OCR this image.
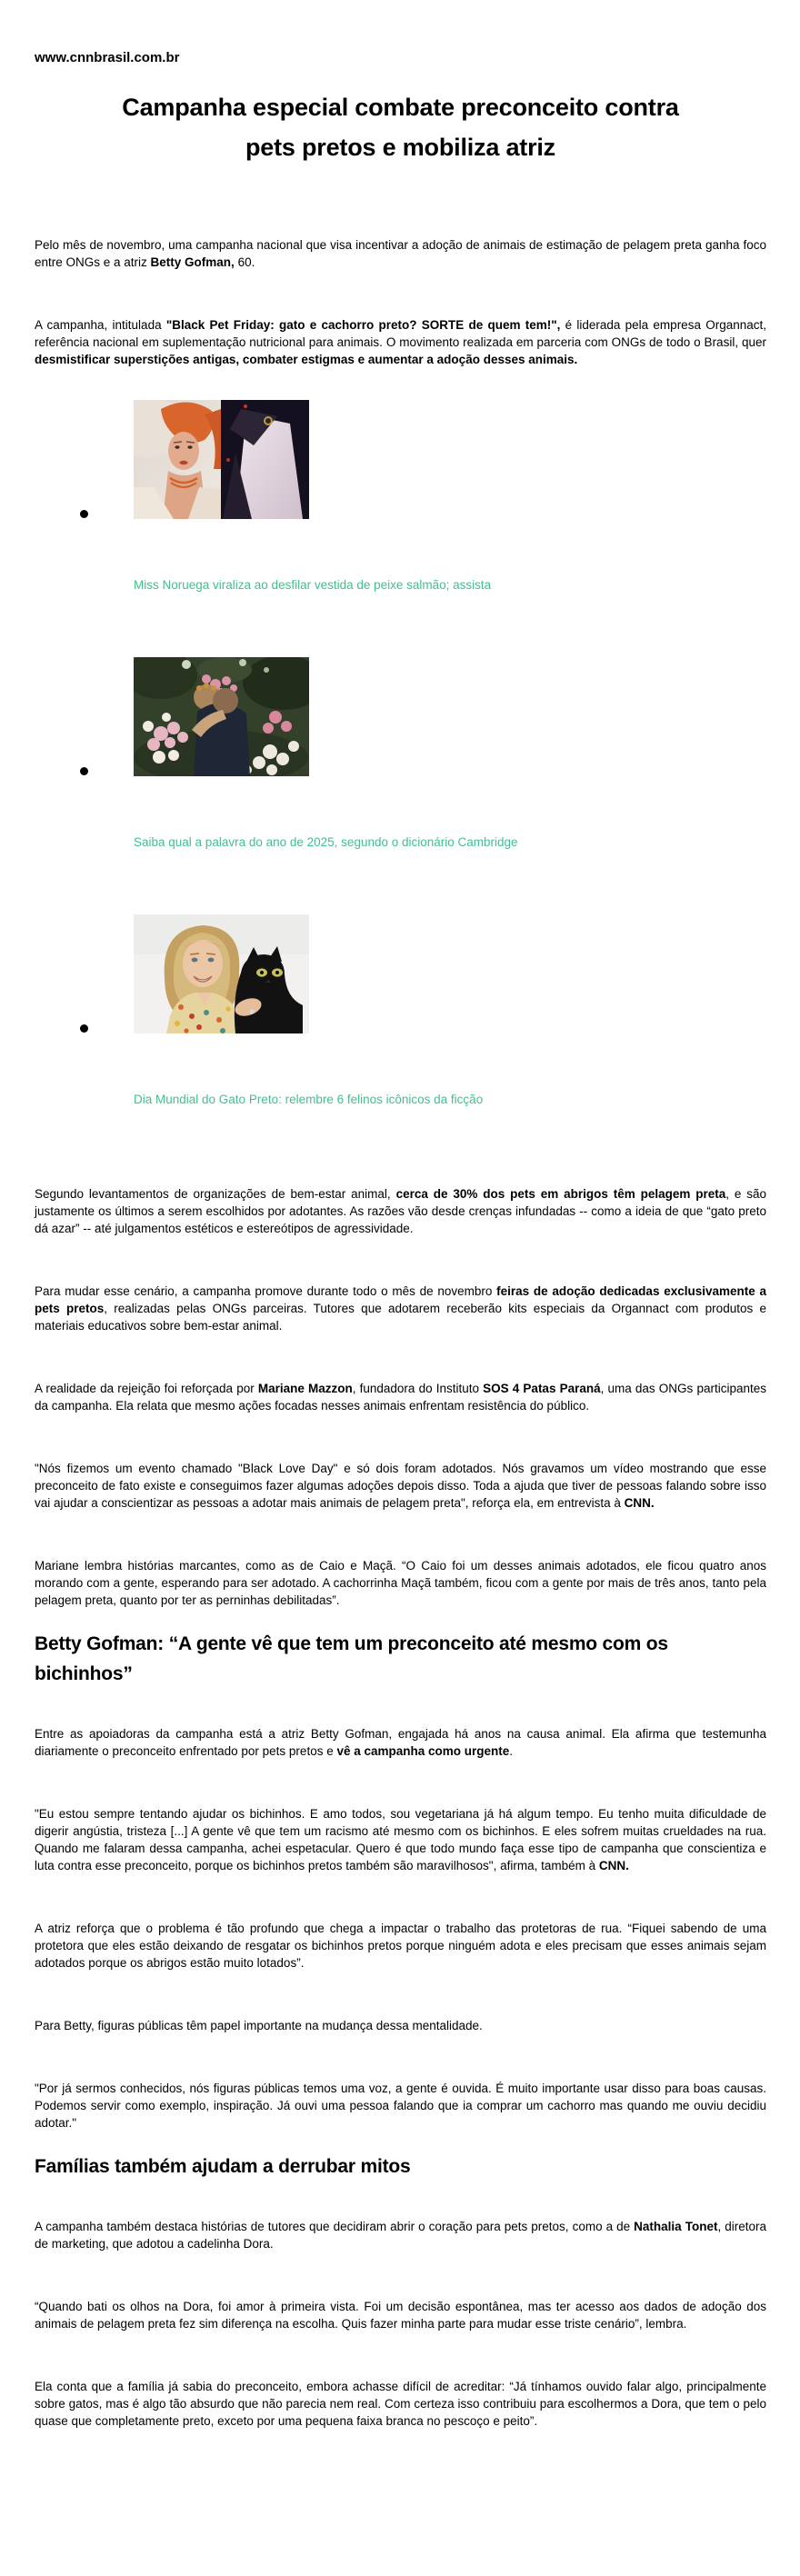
www.cnnbrasil.com.br
Campanha especial combate preconceito contra
pets pretos e mobiliza atriz

Pelo mês de novembro, uma campanha nacional que visa incentivar a adoção de animais de estimação de pelagem preta ganha foco entre ONGs e a atriz Betty Gofman, 60.

A campanha, intitulada "Black Pet Friday: gato e cachorro preto? SORTE de quem tem!", é liderada pela empresa Organnact, referência nacional em suplementação nutricional para animais. O movimento realizada em parceria com ONGs de todo o Brasil, quer desmistificar superstições antigas, combater estigmas e aumentar a adoção desses animais.

Miss Noruega viraliza ao desfilar vestida de peixe salmão; assista
Saiba qual a palavra do ano de 2025, segundo o dicionário Cambridge
Dia Mundial do Gato Preto: relembre 6 felinos icônicos da ficção

Segundo levantamentos de organizações de bem-estar animal, cerca de 30% dos pets em abrigos têm pelagem preta, e são justamente os últimos a serem escolhidos por adotantes. As razões vão desde crenças infundadas -- como a ideia de que “gato preto dá azar” -- até julgamentos estéticos e estereótipos de agressividade.

Para mudar esse cenário, a campanha promove durante todo o mês de novembro feiras de adoção dedicadas exclusivamente a pets pretos, realizadas pelas ONGs parceiras. Tutores que adotarem receberão kits especiais da Organnact com produtos e materiais educativos sobre bem-estar animal.

A realidade da rejeição foi reforçada por Mariane Mazzon, fundadora do Instituto SOS 4 Patas Paraná, uma das ONGs participantes da campanha. Ela relata que mesmo ações focadas nesses animais enfrentam resistência do público.

"Nós fizemos um evento chamado "Black Love Day" e só dois foram adotados. Nós gravamos um vídeo mostrando que esse preconceito de fato existe e conseguimos fazer algumas adoções depois disso. Toda a ajuda que tiver de pessoas falando sobre isso vai ajudar a conscientizar as pessoas a adotar mais animais de pelagem preta", reforça ela, em entrevista à CNN.

Mariane lembra histórias marcantes, como as de Caio e Maçã. “O Caio foi um desses animais adotados, ele ficou quatro anos morando com a gente, esperando para ser adotado. A cachorrinha Maçã também, ficou com a gente por mais de três anos, tanto pela pelagem preta, quanto por ter as perninhas debilitadas”.

Betty Gofman: “A gente vê que tem um preconceito até mesmo com os bichinhos”

Entre as apoiadoras da campanha está a atriz Betty Gofman, engajada há anos na causa animal. Ela afirma que testemunha diariamente o preconceito enfrentado por pets pretos e vê a campanha como urgente.

"Eu estou sempre tentando ajudar os bichinhos. E amo todos, sou vegetariana já há algum tempo. Eu tenho muita dificuldade de digerir angústia, tristeza [...] A gente vê que tem um racismo até mesmo com os bichinhos. E eles sofrem muitas crueldades na rua. Quando me falaram dessa campanha, achei espetacular. Quero é que todo mundo faça esse tipo de campanha que conscientiza e luta contra esse preconceito, porque os bichinhos pretos também são maravilhosos", afirma, também à CNN.

A atriz reforça que o problema é tão profundo que chega a impactar o trabalho das protetoras de rua. “Fiquei sabendo de uma protetora que eles estão deixando de resgatar os bichinhos pretos porque ninguém adota e eles precisam que esses animais sejam adotados porque os abrigos estão muito lotados”.

Para Betty, figuras públicas têm papel importante na mudança dessa mentalidade.

"Por já sermos conhecidos, nós figuras públicas temos uma voz, a gente é ouvida. É muito importante usar disso para boas causas. Podemos servir como exemplo, inspiração. Já ouvi uma pessoa falando que ia comprar um cachorro mas quando me ouviu decidiu adotar."

Famílias também ajudam a derrubar mitos

A campanha também destaca histórias de tutores que decidiram abrir o coração para pets pretos, como a de Nathalia Tonet, diretora de marketing, que adotou a cadelinha Dora.

“Quando bati os olhos na Dora, foi amor à primeira vista. Foi um decisão espontânea, mas ter acesso aos dados de adoção dos animais de pelagem preta fez sim diferença na escolha. Quis fazer minha parte para mudar esse triste cenário”, lembra.

Ela conta que a família já sabia do preconceito, embora achasse difícil de acreditar: “Já tínhamos ouvido falar algo, principalmente sobre gatos, mas é algo tão absurdo que não parecia nem real. Com certeza isso contribuiu para escolhermos a Dora, que tem o pelo quase que completamente preto, exceto por uma pequena faixa branca no pescoço e peito”.
